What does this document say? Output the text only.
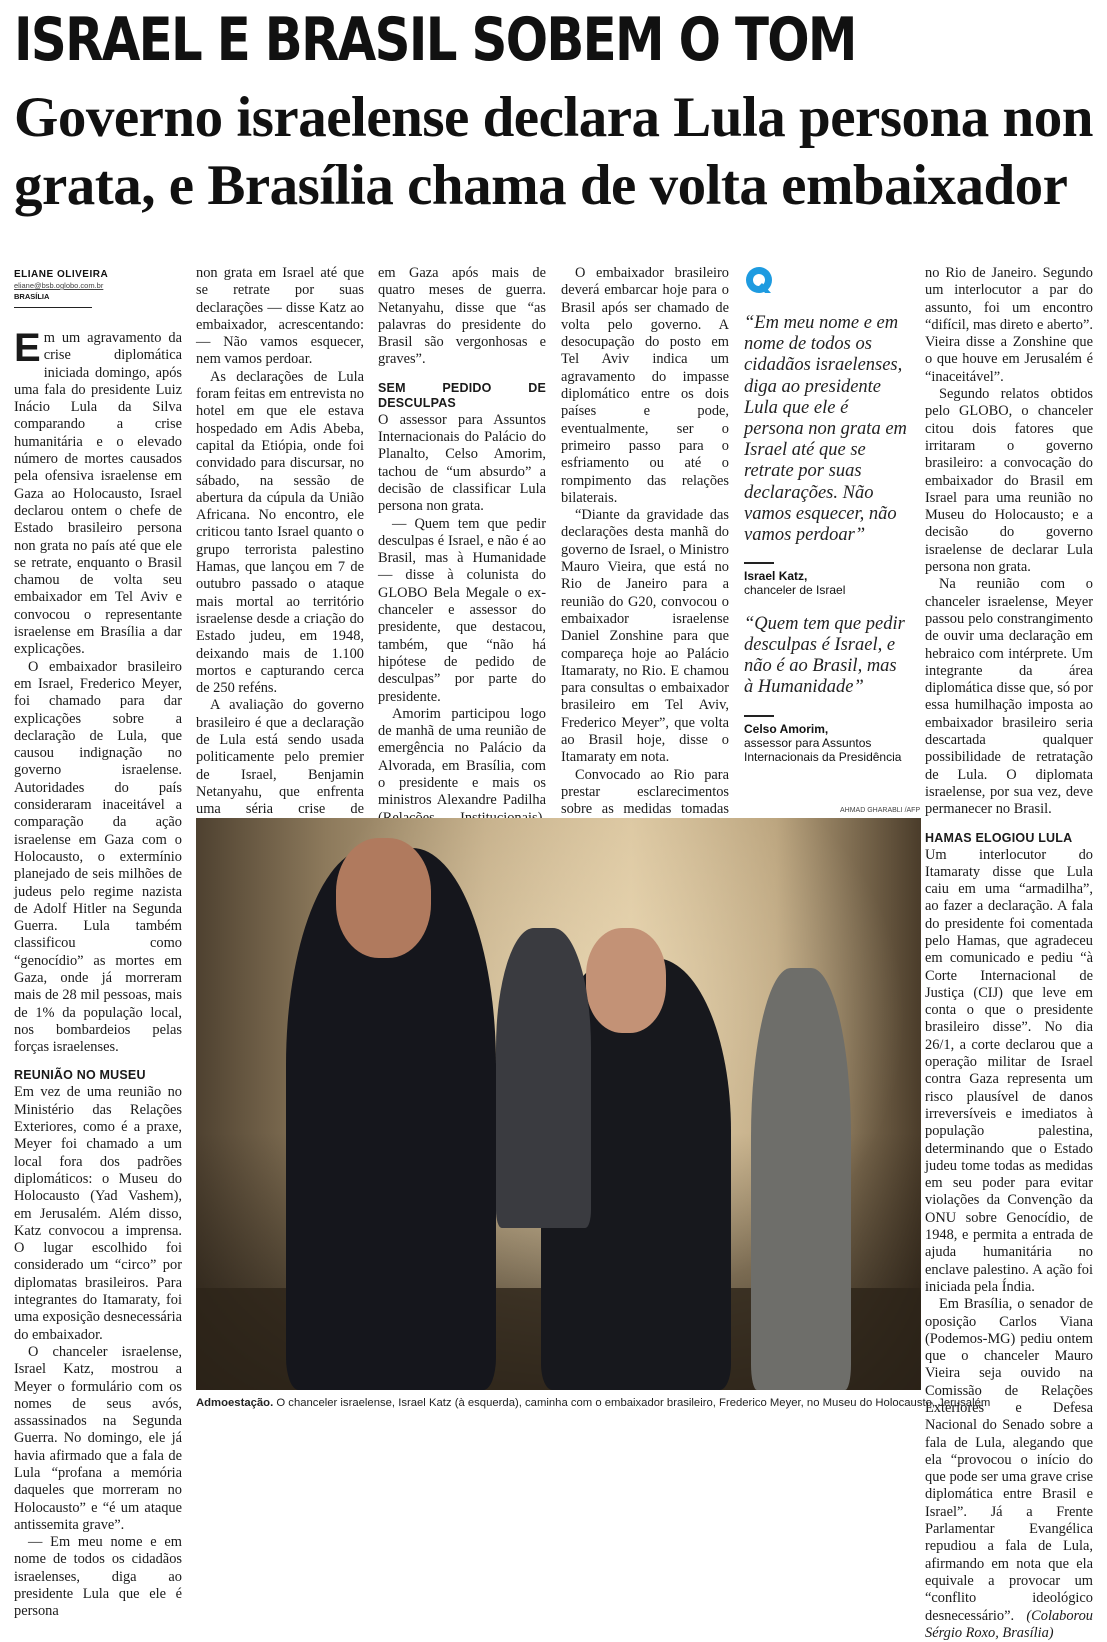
ISRAEL E BRASIL SOBEM O TOM
Governo israelense declara Lula persona non grata, e Brasília chama de volta embaixador
ELIANE OLIVEIRA
eliane@bsb.oglobo.com.br
BRASÍLIA

Em um agravamento da crise diplomática iniciada domingo, após uma fala do presidente Luiz Inácio Lula da Silva comparando a crise humanitária e o elevado número de mortes causados pela ofensiva israelense em Gaza ao Holocausto, Israel declarou ontem o chefe de Estado brasileiro persona non grata no país até que ele se retrate, enquanto o Brasil chamou de volta seu embaixador em Tel Aviv e convocou o representante israelense em Brasília a dar explicações.

O embaixador brasileiro em Israel, Frederico Meyer, foi chamado para dar explicações sobre a declaração de Lula, que causou indignação no governo israelense. Autoridades do país consideraram inaceitável a comparação da ação israelense em Gaza com o Holocausto, o extermínio planejado de seis milhões de judeus pelo regime nazista de Adolf Hitler na Segunda Guerra. Lula também classificou como “genocídio” as mortes em Gaza, onde já morreram mais de 28 mil pessoas, mais de 1% da população local, nos bombardeios pelas forças israelenses.

REUNIÃO NO MUSEU

Em vez de uma reunião no Ministério das Relações Exteriores, como é a praxe, Meyer foi chamado a um local fora dos padrões diplomáticos: o Museu do Holocausto (Yad Vashem), em Jerusalém. Além disso, Katz convocou a imprensa. O lugar escolhido foi considerado um “circo” por diplomatas brasileiros. Para integrantes do Itamaraty, foi uma exposição desnecessária do embaixador.

O chanceler israelense, Israel Katz, mostrou a Meyer o formulário com os nomes de seus avós, assassinados na Segunda Guerra. No domingo, ele já havia afirmado que a fala de Lula “profana a memória daqueles que morreram no Holocausto” e “é um ataque antissemita grave”.

— Em meu nome e em nome de todos os cidadãos israelenses, diga ao presidente Lula que ele é persona

non grata em Israel até que se retrate por suas declarações — disse Katz ao embaixador, acrescentando: — Não vamos esquecer, nem vamos perdoar.

As declarações de Lula foram feitas em entrevista no hotel em que ele estava hospedado em Adis Abeba, capital da Etiópia, onde foi convidado para discursar, no sábado, na sessão de abertura da cúpula da União Africana. No encontro, ele criticou tanto Israel quanto o grupo terrorista palestino Hamas, que lançou em 7 de outubro passado o ataque mais mortal ao território israelense desde a criação do Estado judeu, em 1948, deixando mais de 1.100 mortos e capturando cerca de 250 reféns.

A avaliação do governo brasileiro é que a declaração de Lula está sendo usada politicamente pelo premier de Israel, Benjamin Netanyahu, que enfrenta uma séria crise de

em Gaza após mais de quatro meses de guerra. Netanyahu, disse que “as palavras do presidente do Brasil são vergonhosas e graves”.

SEM PEDIDO DE DESCULPAS

O assessor para Assuntos Internacionais do Palácio do Planalto, Celso Amorim, tachou de “um absurdo” a decisão de classificar Lula persona non grata.

— Quem tem que pedir desculpas é Israel, e não é ao Brasil, mas à Humanidade — disse à colunista do GLOBO Bela Megale o ex-chanceler e assessor do presidente, que destacou, também, que “não há hipótese de pedido de desculpas” por parte do presidente.

Amorim participou logo de manhã de uma reunião de emergência no Palácio da Alvorada, em Brasília, com o presidente e mais os ministros Alexandre Padilha

O embaixador brasileiro deverá embarcar hoje para o Brasil após ser chamado de volta pelo governo. A desocupação do posto em Tel Aviv indica um agravamento do impasse diplomático entre os dois países e pode, eventualmente, ser o primeiro passo para o esfriamento ou até o rompimento das relações bilaterais.

“Diante da gravidade das declarações desta manhã do governo de Israel, o Ministro Mauro Vieira, que está no Rio de Janeiro para a reunião do G20, convocou o embaixador israelense Daniel Zonshine para que compareça hoje ao Palácio Itamaraty, no Rio. E chamou para consultas o embaixador brasileiro em Tel Aviv, Frederico Meyer”, que volta ao Brasil hoje, disse o Itamaraty em nota.

Convocado ao Rio para prestar esclarecimentos sobre as medidas tomadas

“Em meu nome e em nome de todos os cidadãos israelenses, diga ao presidente Lula que ele é persona non grata em Israel até que se retrate por suas declarações. Não vamos esquecer, não vamos perdoar”
Israel Katz,
chanceler de Israel
“Quem tem que pedir desculpas é Israel, e não é ao Brasil, mas à Humanidade”
Celso Amorim,
assessor para Assuntos Internacionais da Presidência

no Rio de Janeiro. Segundo um interlocutor a par do assunto, foi um encontro “difícil, mas direto e aberto”. Vieira disse a Zonshine que o que houve em Jerusalém é “inaceitável”.

Segundo relatos obtidos pelo GLOBO, o chanceler citou dois fatores que irritaram o governo brasileiro: a convocação do embaixador do Brasil em Israel para uma reunião no Museu do Holocausto; e a decisão do governo israelense de declarar Lula persona non grata.

Na reunião com o chanceler israelense, Meyer passou pelo constrangimento de ouvir uma declaração em hebraico com intérprete. Um integrante da área diplomática disse que, só por essa humilhação imposta ao embaixador brasileiro seria descartada qualquer possibilidade de retratação de Lula. O diplomata israelense, por sua vez, deve permanecer no Brasil.

HAMAS ELOGIOU LULA

Um interlocutor do Itamaraty disse que Lula caiu em uma “armadilha”, ao fazer a declaração. A fala do presidente foi comentada pelo Hamas, que agradeceu em comunicado e pediu “à Corte Internacional de Justiça (CIJ) que leve em conta o que o presidente brasileiro disse”. No dia 26/1, a corte declarou que a operação militar de Israel contra Gaza representa um risco plausível de danos irreversíveis e imediatos à população palestina, determinando que o Estado judeu tome todas as medidas em seu poder para evitar violações da Convenção da ONU sobre Genocídio, de 1948, e permita a entrada de ajuda humanitária no enclave palestino. A ação foi iniciada pela Índia.

Em Brasília, o senador de oposição Carlos Viana (Podemos-MG) pediu ontem que o chanceler Mauro Vieira seja ouvido na Comissão de Relações Exteriores e Defesa Nacional do Senado sobre a fala de Lula, alegando que ela “provocou o início do que pode ser uma grave crise diplomática entre Brasil e Israel”. Já a Frente Parlamentar Evangélica repudiou a fala de Lula, afirmando em nota que ela equivale a provocar um “conflito ideológico desnecessário”. (Colaborou Sérgio Roxo, Brasília)

AHMAD GHARABLI /AFP
Admoestação. O chanceler israelense, Israel Katz (à esquerda), caminha com o embaixador brasileiro, Frederico Meyer, no Museu do Holocausto, Jerusalém
